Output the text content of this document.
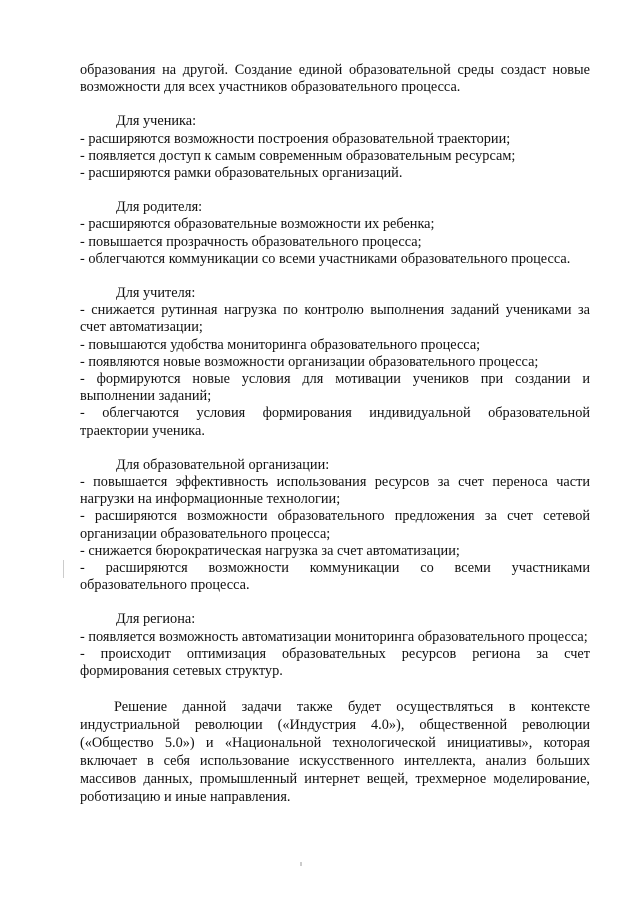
образования на другой. Создание единой образовательной среды создаст новые возможности для всех участников образовательного процесса.

Для ученика:

- расширяются возможности построения образовательной траектории;
- появляется доступ к самым современным образовательным ресурсам;
- расширяются рамки образовательных организаций.

Для родителя:

- расширяются образовательные возможности их ребенка;
- повышается прозрачность образовательного процесса;
- облегчаются коммуникации со всеми участниками образовательного процесса.

Для учителя:

- снижается рутинная нагрузка по контролю выполнения заданий учениками за счет автоматизации;
- повышаются удобства мониторинга образовательного процесса;
- появляются новые возможности организации образовательного процесса;
- формируются новые условия для мотивации учеников при создании и выполнении заданий;
- облегчаются условия формирования индивидуальной образовательной траектории ученика.

Для образовательной организации:

- повышается эффективность использования ресурсов за счет переноса части нагрузки на информационные технологии;
- расширяются возможности образовательного предложения за счет сетевой организации образовательного процесса;
- снижается бюрократическая нагрузка за счет автоматизации;
- расширяются возможности коммуникации со всеми участниками образовательного процесса.

Для региона:

- появляется возможность автоматизации мониторинга образовательного процесса;
- происходит оптимизация образовательных ресурсов региона за счет формирования сетевых структур.

Решение данной задачи также будет осуществляться в контексте индустриальной революции («Индустрия 4.0»), общественной революции («Общество 5.0») и «Национальной технологической инициативы», которая включает в себя использование искусственного интеллекта, анализ больших массивов данных, промышленный интернет вещей, трехмерное моделирование, роботизацию и иные направления.
